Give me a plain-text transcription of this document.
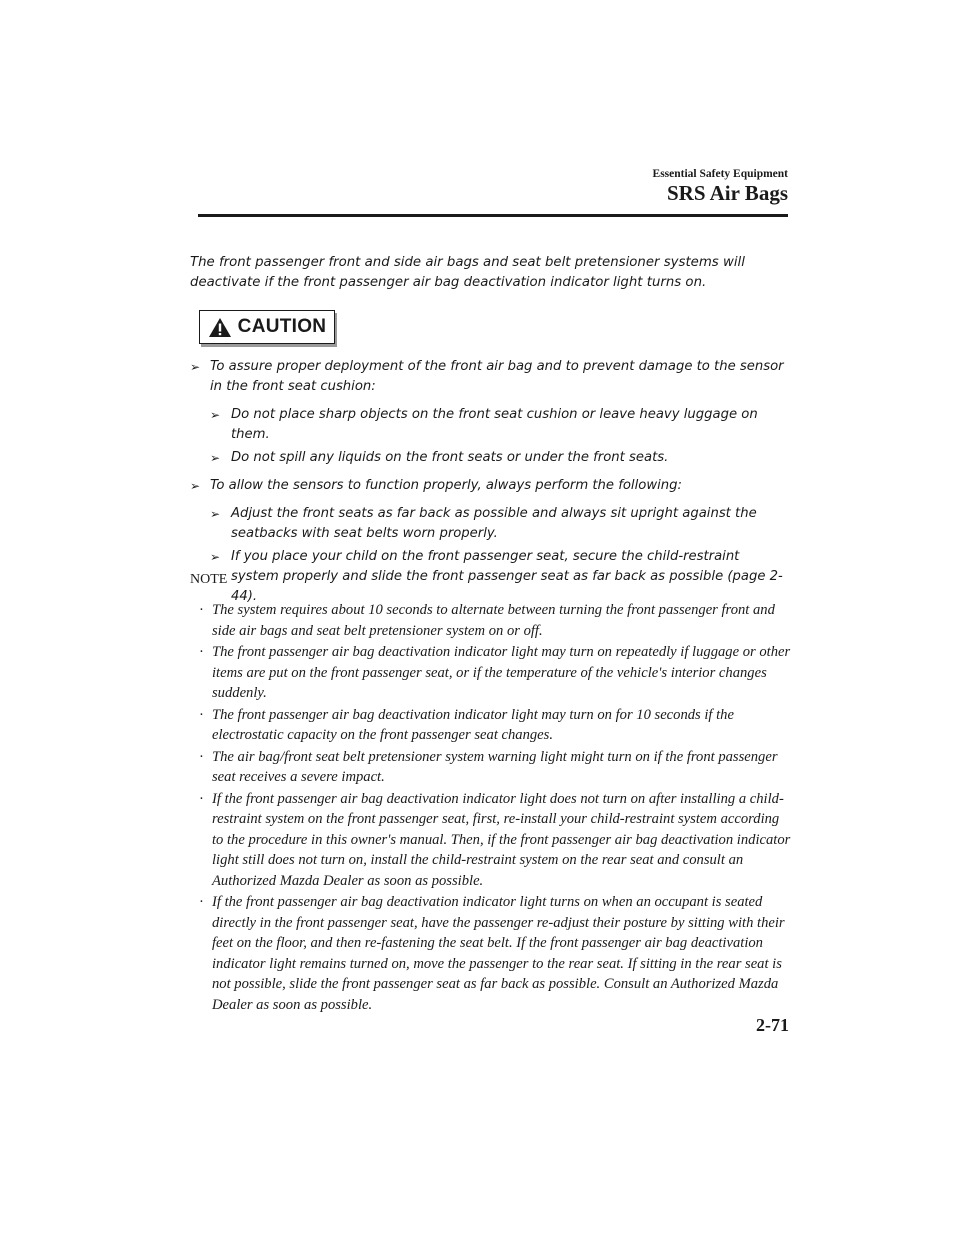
Essential Safety Equipment
SRS Air Bags

The front passenger front and side air bags and seat belt pretensioner systems will deactivate if the front passenger air bag deactivation indicator light turns on.

CAUTION
➢ To assure proper deployment of the front air bag and to prevent damage to the sensor in the front seat cushion:
➢ Do not place sharp objects on the front seat cushion or leave heavy luggage on them.
➢ Do not spill any liquids on the front seats or under the front seats.
➢ To allow the sensors to function properly, always perform the following:
➢ Adjust the front seats as far back as possible and always sit upright against the seatbacks with seat belts worn properly.
➢ If you place your child on the front passenger seat, secure the child-restraint system properly and slide the front passenger seat as far back as possible (page 2-44).
NOTE
· The system requires about 10 seconds to alternate between turning the front passenger front and side air bags and seat belt pretensioner system on or off.
· The front passenger air bag deactivation indicator light may turn on repeatedly if luggage or other items are put on the front passenger seat, or if the temperature of the vehicle's interior changes suddenly.
· The front passenger air bag deactivation indicator light may turn on for 10 seconds if the electrostatic capacity on the front passenger seat changes.
· The air bag/front seat belt pretensioner system warning light might turn on if the front passenger seat receives a severe impact.
· If the front passenger air bag deactivation indicator light does not turn on after installing a child-restraint system on the front passenger seat, first, re-install your child-restraint system according to the procedure in this owner's manual. Then, if the front passenger air bag deactivation indicator light still does not turn on, install the child-restraint system on the rear seat and consult an Authorized Mazda Dealer as soon as possible.
· If the front passenger air bag deactivation indicator light turns on when an occupant is seated directly in the front passenger seat, have the passenger re-adjust their posture by sitting with their feet on the floor, and then re-fastening the seat belt. If the front passenger air bag deactivation indicator light remains turned on, move the passenger to the rear seat. If sitting in the rear seat is not possible, slide the front passenger seat as far back as possible. Consult an Authorized Mazda Dealer as soon as possible.
2-71
